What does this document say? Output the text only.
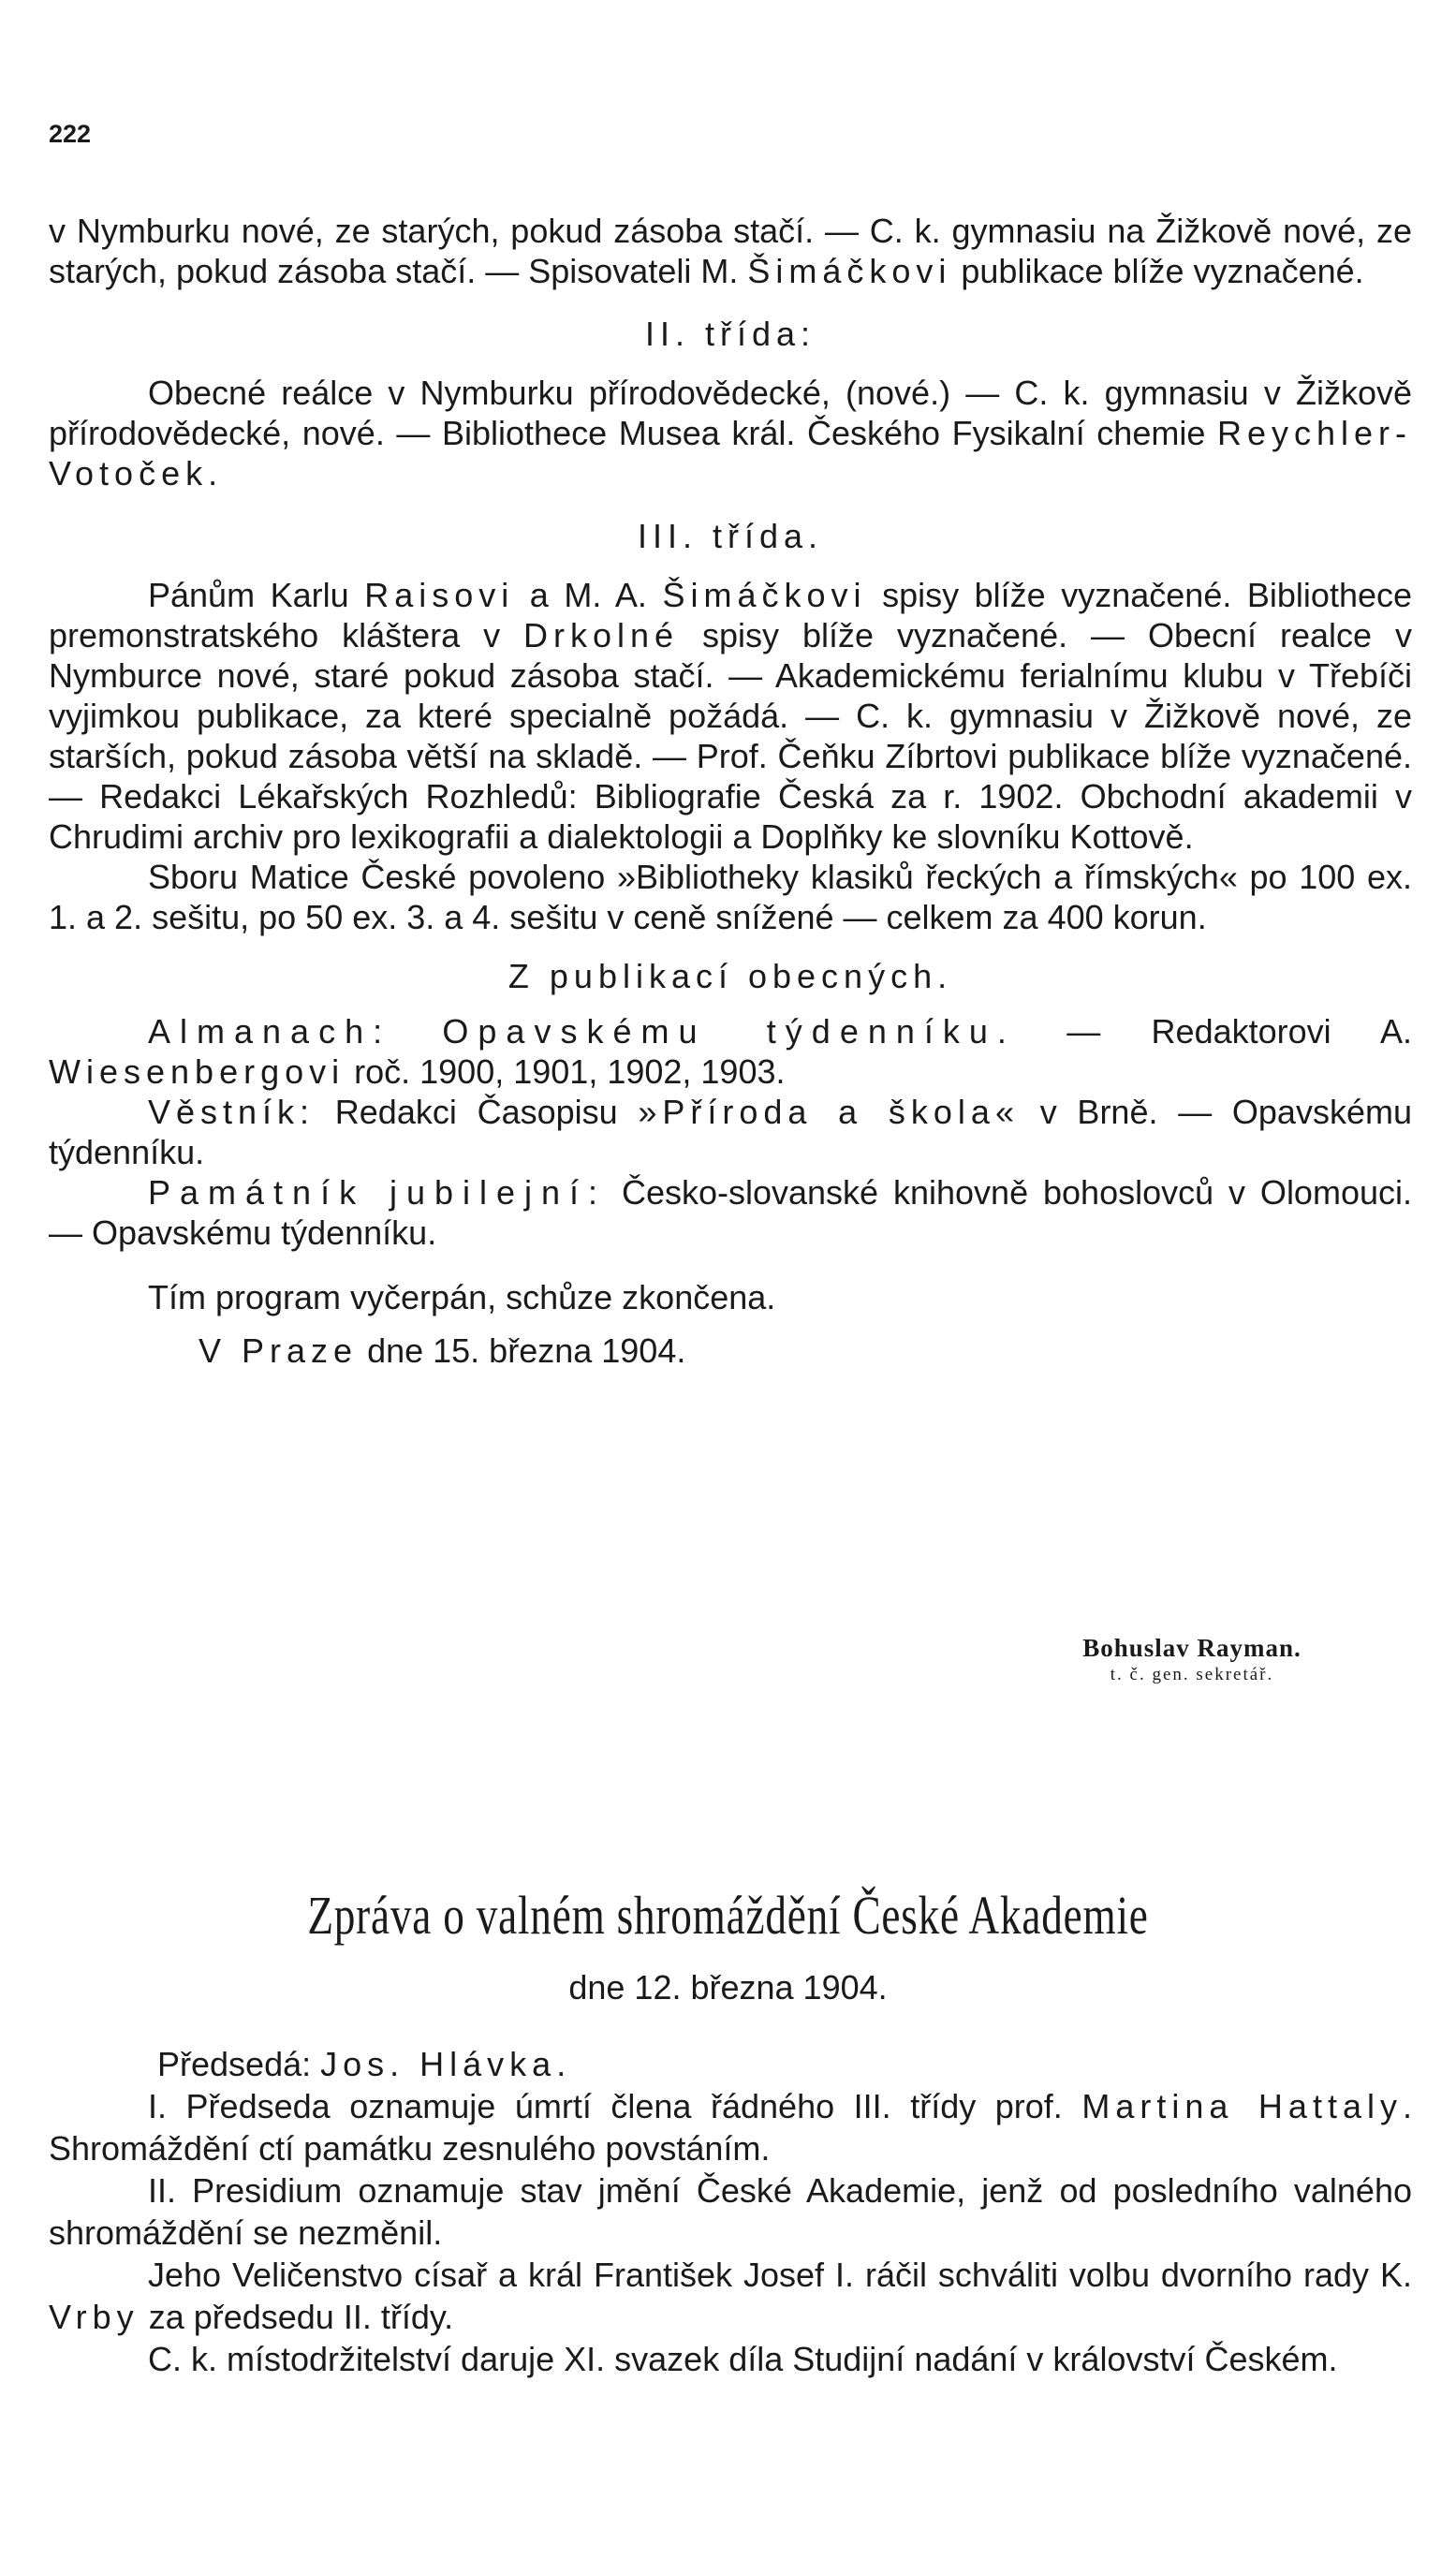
222

v Nymburku nové, ze starých, pokud zásoba stačí. — C. k. gymnasiu na Žižkově nové, ze starých, pokud zásoba stačí. — Spisovateli M. Šimáčkovi publikace blíže vyznačené.

II. třída:

Obecné reálce v Nymburku přírodovědecké, (nové.) — C. k. gymnasiu v Žižkově přírodovědecké, nové. — Bibliothece Musea král. Českého Fysikalní chemie Reychler-Votoček.

III. třída.

Pánům Karlu Raisovi a M. A. Šimáčkovi spisy blíže vyznačené. Bibliothece premonstratského kláštera v Drkolné spisy blíže vyznačené. — Obecní realce v Nymburce nové, staré pokud zásoba stačí. — Akademickému ferialnímu klubu v Třebíči vyjimkou publikace, za které specialně požádá. — C. k. gymnasiu v Žižkově nové, ze starších, pokud zásoba větší na skladě. — Prof. Čeňku Zíbrtovi publikace blíže vyznačené. — Redakci Lékařských Rozhledů: Bibliografie Česká za r. 1902. Obchodní akademii v Chrudimi archiv pro lexikografii a dialektologii a Doplňky ke slovníku Kottově.

Sboru Matice České povoleno »Bibliotheky klasiků řeckých a římských« po 100 ex. 1. a 2. sešitu, po 50 ex. 3. a 4. sešitu v ceně snížené — celkem za 400 korun.

Z publikací obecných.

Almanach: Opavskému týdenníku. — Redaktorovi A. Wiesenbergovi roč. 1900, 1901, 1902, 1903.

Věstník: Redakci Časopisu »Příroda a škola« v Brně. — Opavskému týdenníku.

Památník jubilejní: Česko-slovanské knihovně bohoslovců v Olomouci. — Opavskému týdenníku.

Tím program vyčerpán, schůze zkončena.

V Praze dne 15. března 1904.

Bohuslav Rayman.
t. č. gen. sekretář.
Zpráva o valném shromáždění České Akademie
dne 12. března 1904.

Předsedá: Jos. Hlávka.

I. Předseda oznamuje úmrtí člena řádného III. třídy prof. Martina Hattaly. Shromáždění ctí památku zesnulého povstáním.

II. Presidium oznamuje stav jmění České Akademie, jenž od posledního valného shromáždění se nezměnil.

Jeho Veličenstvo císař a král František Josef I. ráčil schváliti volbu dvorního rady K. Vrby za předsedu II. třídy.

C. k. místodržitelství daruje XI. svazek díla Studijní nadání v království Českém.
